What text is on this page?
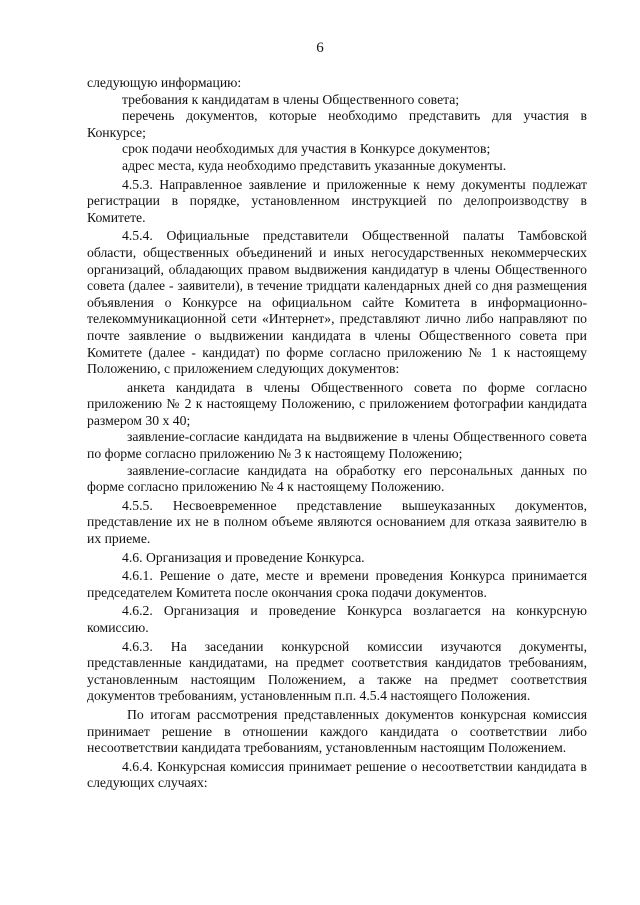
6

следующую информацию:

требования к кандидатам в члены Общественного совета;

перечень документов, которые необходимо представить для участия в Конкурсе;

срок подачи необходимых для участия в Конкурсе документов;

адрес места, куда необходимо представить указанные документы.

4.5.3. Направленное заявление и приложенные к нему документы подлежат регистрации в порядке, установленном инструкцией по делопроизводству в Комитете.

4.5.4. Официальные представители Общественной палаты Тамбовской области, общественных объединений и иных негосударственных некоммерческих организаций, обладающих правом выдвижения кандидатур в члены Общественного совета (далее - заявители), в течение тридцати календарных дней со дня размещения объявления о Конкурсе на официальном сайте Комитета в информационно-телекоммуникационной сети «Интернет», представляют лично либо направляют по почте заявление о выдвижении кандидата в члены Общественного совета при Комитете (далее - кандидат) по форме согласно приложению № 1 к настоящему Положению, с приложением следующих документов:

анкета кандидата в члены Общественного совета по форме согласно приложению № 2 к настоящему Положению, с приложением фотографии кандидата размером 30 х 40;

заявление-согласие кандидата на выдвижение в члены Общественного совета по форме согласно приложению № 3 к настоящему Положению;

заявление-согласие кандидата на обработку его персональных данных по форме согласно приложению № 4 к настоящему Положению.

4.5.5. Несвоевременное представление вышеуказанных документов, представление их не в полном объеме являются основанием для отказа заявителю в их приеме.

4.6. Организация и проведение Конкурса.

4.6.1. Решение о дате, месте и времени проведения Конкурса принимается председателем Комитета после окончания срока подачи документов.

4.6.2. Организация и проведение Конкурса возлагается на конкурсную комиссию.

4.6.3. На заседании конкурсной комиссии изучаются документы, представленные кандидатами, на предмет соответствия кандидатов требованиям, установленным настоящим Положением, а также на предмет соответствия документов требованиям, установленным п.п. 4.5.4 настоящего Положения.

По итогам рассмотрения представленных документов конкурсная комиссия принимает решение в отношении каждого кандидата о соответствии либо несоответствии кандидата требованиям, установленным настоящим Положением.

4.6.4. Конкурсная комиссия принимает решение о несоответствии кандидата в следующих случаях:
